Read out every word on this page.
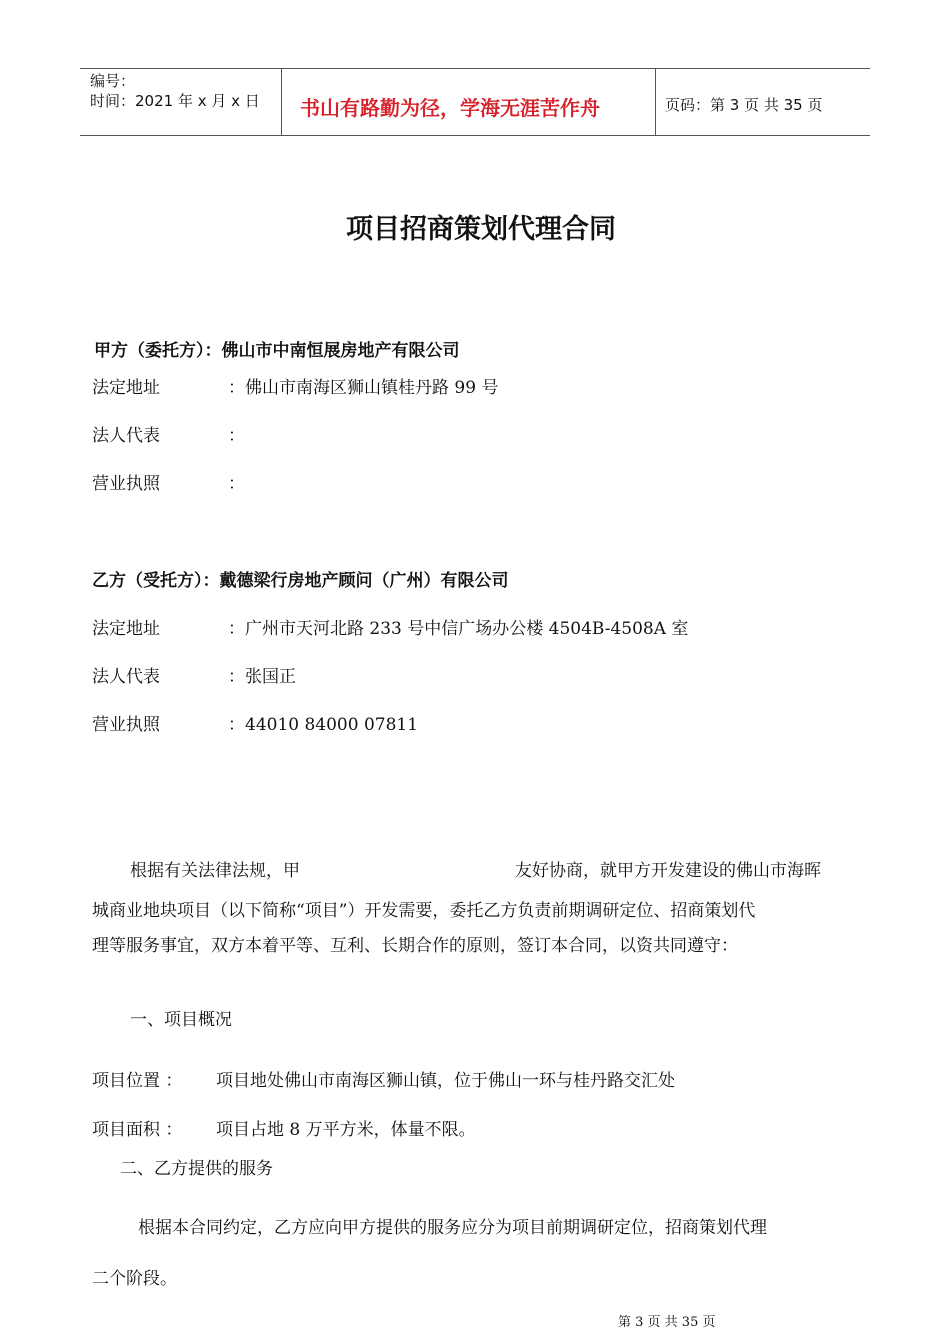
编号：
时间：2021 年 x 月 x 日 书山有路勤为径，学海无涯苦作舟	页码：第 3 页 共 35 页
项目招商策划代理合同
甲方（委托方）：佛山市中南恒展房地产有限公司
法定地址	：佛山市南海区狮山镇桂丹路 99 号
法人代表	：
营业执照	：
乙方（受托方）：戴德梁行房地产顾问（广州）有限公司
法定地址	：广州市天河北路 233 号中信广场办公楼 4504B-4508A 室
法人代表	：张国正
营业执照	：44010 84000 07811
根据有关法律法规，甲	友好协商，就甲方开发建设的佛山市海晖
城商业地块项目（以下简称“项目”）开发需要，委托乙方负责前期调研定位、招商策划代
理等服务事宜，双方本着平等、互利、长期合作的原则，签订本合同，以资共同遵守：
一、项目概况
项目位置 ： 项目地处佛山市南海区狮山镇，位于佛山一环与桂丹路交汇处
项目面积 ： 项目占地 8 万平方米，体量不限。
二、乙方提供的服务
根据本合同约定，乙方应向甲方提供的服务应分为项目前期调研定位，招商策划代理
二个阶段。
第 3 页 共 35 页
